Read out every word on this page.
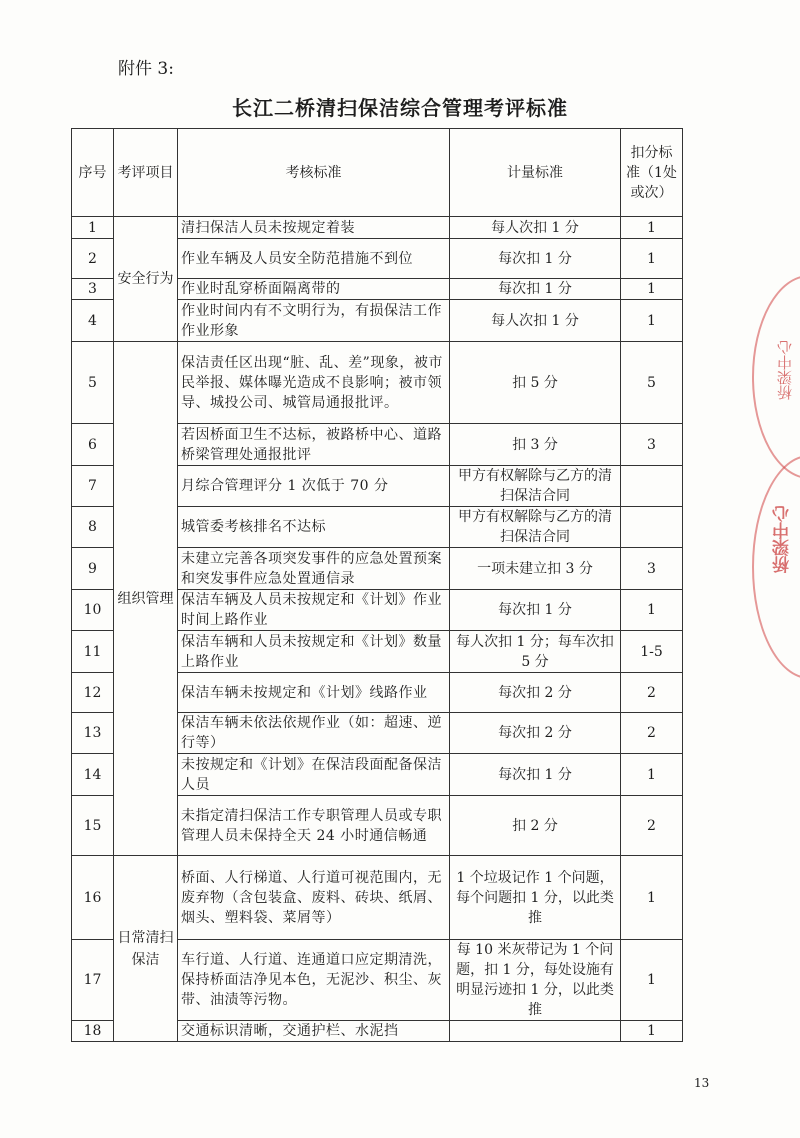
附件 3:
长江二桥清扫保洁综合管理考评标准
序号	考评项目	考核标准	计量标准	扣分标准（1处或次）
1	安全行为	清扫保洁人员未按规定着装	每人次扣 1 分	1
2		作业车辆及人员安全防范措施不到位	每次扣 1 分	1
3		作业时乱穿桥面隔离带的	每次扣 1 分	1
4		作业时间内有不文明行为，有损保洁工作作业形象	每人次扣 1 分	1
5	组织管理	保洁责任区出现“脏、乱、差”现象，被市民举报、媒体曝光造成不良影响；被市领导、城投公司、城管局通报批评。	扣 5 分	5
6		若因桥面卫生不达标，被路桥中心、道路桥梁管理处通报批评	扣 3 分	3
7		月综合管理评分 1 次低于 70 分	甲方有权解除与乙方的清扫保洁合同	
8		城管委考核排名不达标	甲方有权解除与乙方的清扫保洁合同	
9		未建立完善各项突发事件的应急处置预案和突发事件应急处置通信录	一项未建立扣 3 分	3
10		保洁车辆及人员未按规定和《计划》作业时间上路作业	每次扣 1 分	1
11		保洁车辆和人员未按规定和《计划》数量上路作业	每人次扣 1 分；每车次扣 5 分	1-5
12		保洁车辆未按规定和《计划》线路作业	每次扣 2 分	2
13		保洁车辆未依法依规作业（如：超速、逆行等）	每次扣 2 分	2
14		未按规定和《计划》在保洁段面配备保洁人员	每次扣 1 分	1
15		未指定清扫保洁工作专职管理人员或专职管理人员未保持全天 24 小时通信畅通	扣 2 分	2
16	日常清扫保洁	桥面、人行梯道、人行道可视范围内，无废弃物（含包装盒、废料、砖块、纸屑、烟头、塑料袋、菜屑等）	1 个垃圾记作 1 个问题，每个问题扣 1 分，以此类推	1
17		车行道、人行道、连通道口应定期清洗，保持桥面洁净见本色，无泥沙、积尘、灰带、油渍等污物。	每 10 米灰带记为 1 个问题，扣 1 分，每处设施有明显污迹扣 1 分，以此类推	1
18		交通标识清晰，交通护栏、水泥挡		1
13
桥梁中心
桥梁中心
